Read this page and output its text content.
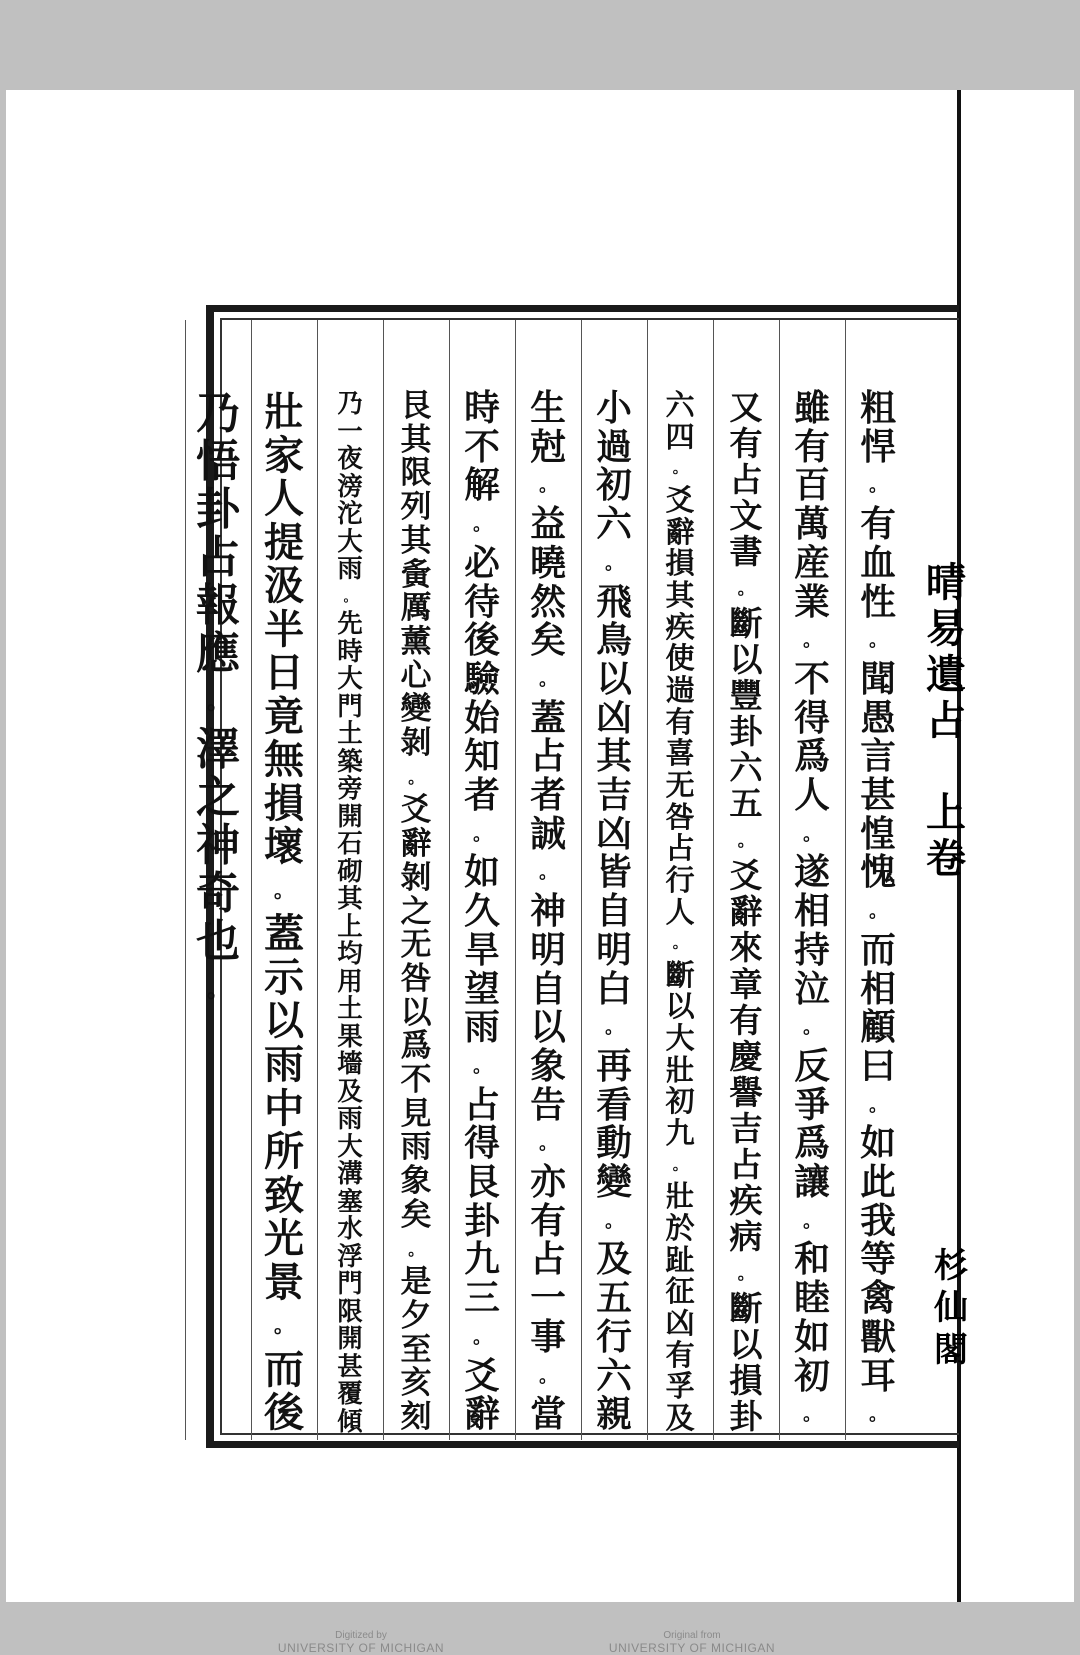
晴
易
遺
占

上
卷
粗
悍
。
有
血
性
。
聞
愚
言
甚
惶
愧
。
而
相
顧
曰
。
如
此
我
等
禽
獸
耳
。
雖
有
百
萬
産
業
。
不
得
爲
人
。
遂
相
持
泣
。
反
爭
爲
讓
。
和
睦
如
初
。
又
有
占
文
書
。
斷
以
豐
卦
六
五
。
爻
辭
來
章
有
慶
譽
吉
占
疾
病
。
斷
以
損
卦
六
四
。
爻
辭
損
其
疾
使
遄
有
喜
无
咎
占
行
人
。
斷
以
大
壯
初
九
。
壯
於
趾
征
凶
有
孚
及
小
過
初
六
。
飛
鳥
以
凶
其
吉
凶
皆
自
明
白
。
再
看
動
變
。
及
五
行
六
親
生
尅
。
益
曉
然
矣
。
蓋
占
者
誠
。
神
明
自
以
象
告
。
亦
有
占
一
事
。
當
時
不
解
。
必
待
後
驗
始
知
者
。
如
久
旱
望
雨
。
占
得
艮
卦
九
三
。
爻
辭
艮
其
限
列
其
夤
厲
薰
心
變
剝
。
爻
辭
剝
之
无
咎
以
爲
不
見
雨
象
矣
。
是
夕
至
亥
刻
乃
一
夜
滂
沱
大
雨
。
先
時
大
門
土
築
旁
開
石
砌
其
上
均
用
土
果
墻
及
雨
大
溝
塞
水
浮
門
限
開
甚
覆
傾
壯
家
人
提
汲
半
日
竟
無
損
壞
。
蓋
示
以
雨
中
所
致
光
景
。
而
後
乃
悟
卦
占
報
應
。
澤
之
神
奇
也
。
杉
仙
閣
Digitized by
UNIVERSITY OF MICHIGAN
Original from
UNIVERSITY OF MICHIGAN
